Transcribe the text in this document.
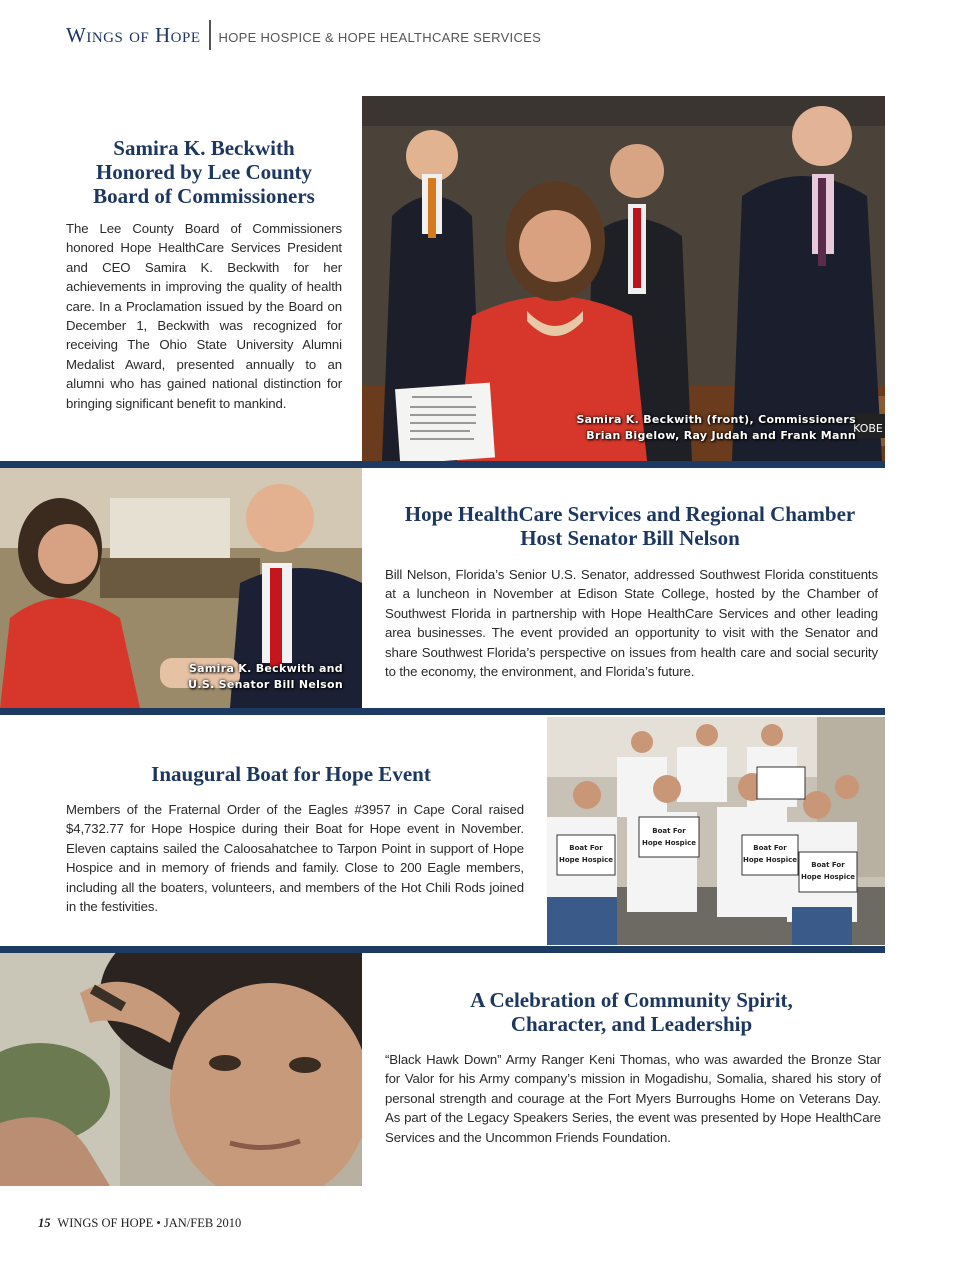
Wings of Hope	HOPE HOSPICE & HOPE HEALTHCARE SERVICES
Samira K. Beckwith
Honored by Lee County
Board of Commissioners
The Lee County Board of Commissioners honored Hope HealthCare Services President and CEO Samira K. Beckwith for her achievements in improving the quality of health care. In a Proclamation issued by the Board on December 1, Beckwith was recognized for receiving The Ohio State University Alumni Medalist Award, presented annually to an alumni who has gained national distinction for bringing significant benefit to mankind.
KOBE
Samira K. Beckwith (front), Commissioners
Brian Bigelow, Ray Judah and Frank Mann
Samira K. Beckwith and
U.S. Senator Bill Nelson
Hope HealthCare Services and Regional Chamber
Host Senator Bill Nelson
Bill Nelson, Florida’s Senior U.S. Senator, addressed Southwest Florida constituents at a luncheon in November at Edison State College, hosted by the Chamber of Southwest Florida in partnership with Hope HealthCare Services and other leading area businesses. The event provided an opportunity to visit with the Senator and share Southwest Florida’s perspective on issues from health care and social security to the economy, the environment, and Florida’s future.
Inaugural Boat for Hope Event
Members of the Fraternal Order of the Eagles #3957 in Cape Coral raised $4,732.77 for Hope Hospice during their Boat for Hope event in November. Eleven captains sailed the Caloosahatchee to Tarpon Point in support of Hope Hospice and in memory of friends and family. Close to 200 Eagle members, including all the boaters, volunteers, and members of the Hot Chili Rods joined in the festivities.
Boat For
Hope Hospice
Boat For
Hope Hospice
Boat For
Hope Hospice
Boat For
Hope Hospice
A Celebration of Community Spirit,
Character, and Leadership
“Black Hawk Down” Army Ranger Keni Thomas, who was awarded the Bronze Star for Valor for his Army company’s mission in Mogadishu, Somalia, shared his story of personal strength and courage at the Fort Myers Burroughs Home on Veterans Day. As part of the Legacy Speakers Series, the event was presented by Hope HealthCare Services and the Uncommon Friends Foundation.
15 WINGS OF HOPE • JAN/FEB 2010
